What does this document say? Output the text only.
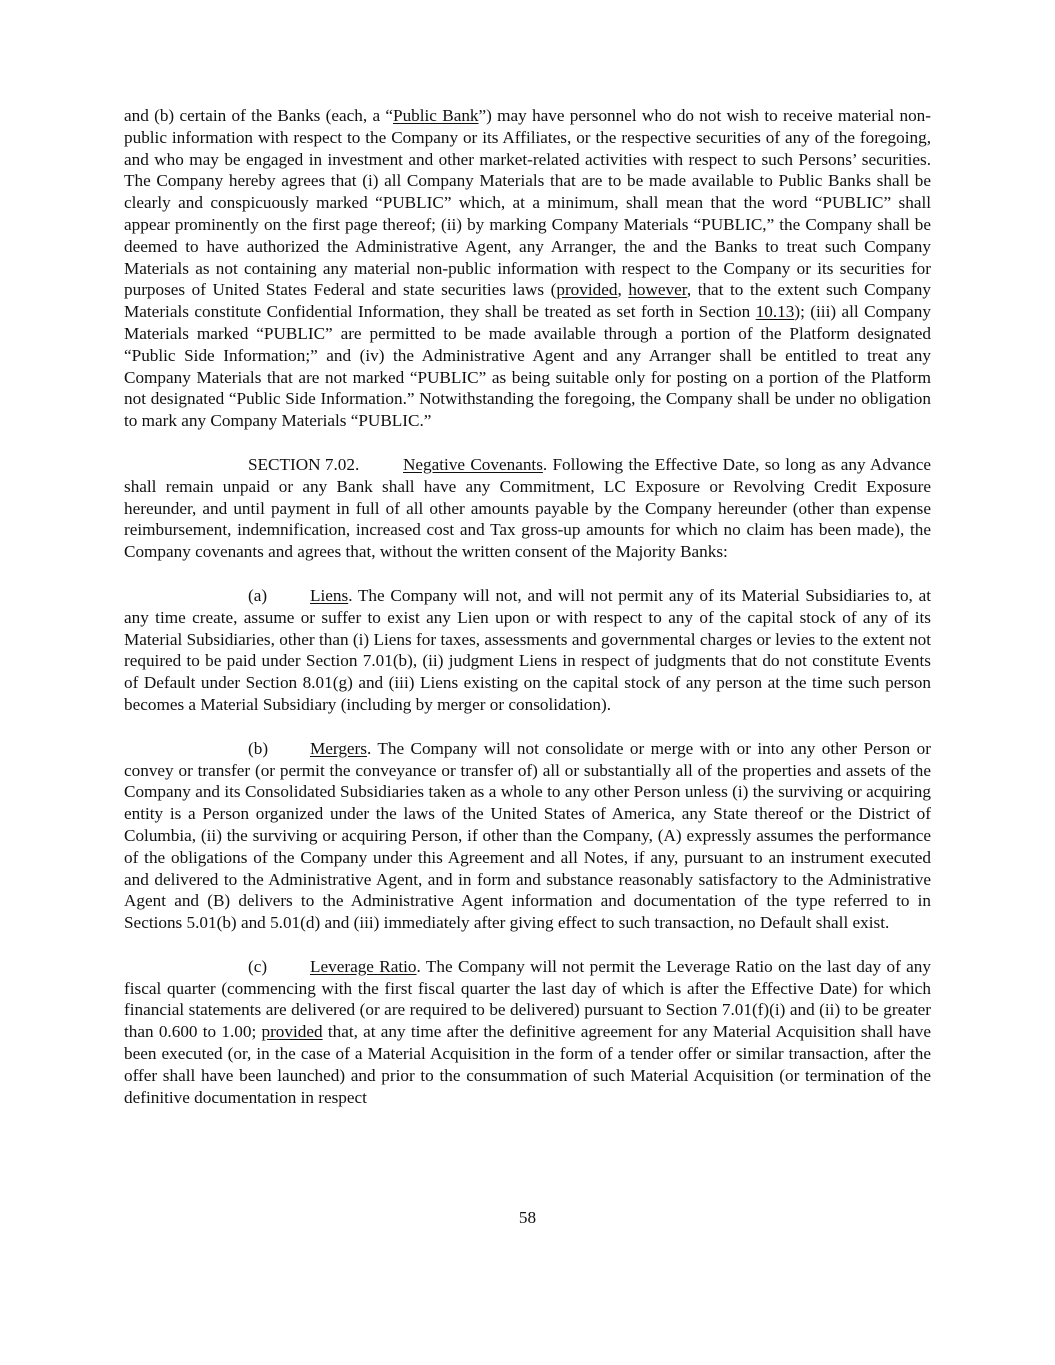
and (b) certain of the Banks (each, a “Public Bank”) may have personnel who do not wish to receive material non-public information with respect to the Company or its Affiliates, or the respective securities of any of the foregoing, and who may be engaged in investment and other market-related activities with respect to such Persons’ securities. The Company hereby agrees that (i) all Company Materials that are to be made available to Public Banks shall be clearly and conspicuously marked “PUBLIC” which, at a minimum, shall mean that the word “PUBLIC” shall appear prominently on the first page thereof; (ii) by marking Company Materials “PUBLIC,” the Company shall be deemed to have authorized the Administrative Agent, any Arranger, the and the Banks to treat such Company Materials as not containing any material non-public information with respect to the Company or its securities for purposes of United States Federal and state securities laws (provided, however, that to the extent such Company Materials constitute Confidential Information, they shall be treated as set forth in Section 10.13); (iii) all Company Materials marked “PUBLIC” are permitted to be made available through a portion of the Platform designated “Public Side Information;” and (iv) the Administrative Agent and any Arranger shall be entitled to treat any Company Materials that are not marked “PUBLIC” as being suitable only for posting on a portion of the Platform not designated “Public Side Information.” Notwithstanding the foregoing, the Company shall be under no obligation to mark any Company Materials “PUBLIC.”

SECTION 7.02.	Negative Covenants. Following the Effective Date, so long as any Advance shall remain unpaid or any Bank shall have any Commitment, LC Exposure or Revolving Credit Exposure hereunder, and until payment in full of all other amounts payable by the Company hereunder (other than expense reimbursement, indemnification, increased cost and Tax gross-up amounts for which no claim has been made), the Company covenants and agrees that, without the written consent of the Majority Banks:

(a) Liens. The Company will not, and will not permit any of its Material Subsidiaries to, at any time create, assume or suffer to exist any Lien upon or with respect to any of the capital stock of any of its Material Subsidiaries, other than (i) Liens for taxes, assessments and governmental charges or levies to the extent not required to be paid under Section 7.01(b), (ii) judgment Liens in respect of judgments that do not constitute Events of Default under Section 8.01(g) and (iii) Liens existing on the capital stock of any person at the time such person becomes a Material Subsidiary (including by merger or consolidation).

(b) Mergers. The Company will not consolidate or merge with or into any other Person or convey or transfer (or permit the conveyance or transfer of) all or substantially all of the properties and assets of the Company and its Consolidated Subsidiaries taken as a whole to any other Person unless (i) the surviving or acquiring entity is a Person organized under the laws of the United States of America, any State thereof or the District of Columbia, (ii) the surviving or acquiring Person, if other than the Company, (A) expressly assumes the performance of the obligations of the Company under this Agreement and all Notes, if any, pursuant to an instrument executed and delivered to the Administrative Agent, and in form and substance reasonably satisfactory to the Administrative Agent and (B) delivers to the Administrative Agent information and documentation of the type referred to in Sections 5.01(b) and 5.01(d) and (iii) immediately after giving effect to such transaction, no Default shall exist.

(c) Leverage Ratio. The Company will not permit the Leverage Ratio on the last day of any fiscal quarter (commencing with the first fiscal quarter the last day of which is after the Effective Date) for which financial statements are delivered (or are required to be delivered) pursuant to Section 7.01(f)(i) and (ii) to be greater than 0.600 to 1.00; provided that, at any time after the definitive agreement for any Material Acquisition shall have been executed (or, in the case of a Material Acquisition in the form of a tender offer or similar transaction, after the offer shall have been launched) and prior to the consummation of such Material Acquisition (or termination of the definitive documentation in respect

58
